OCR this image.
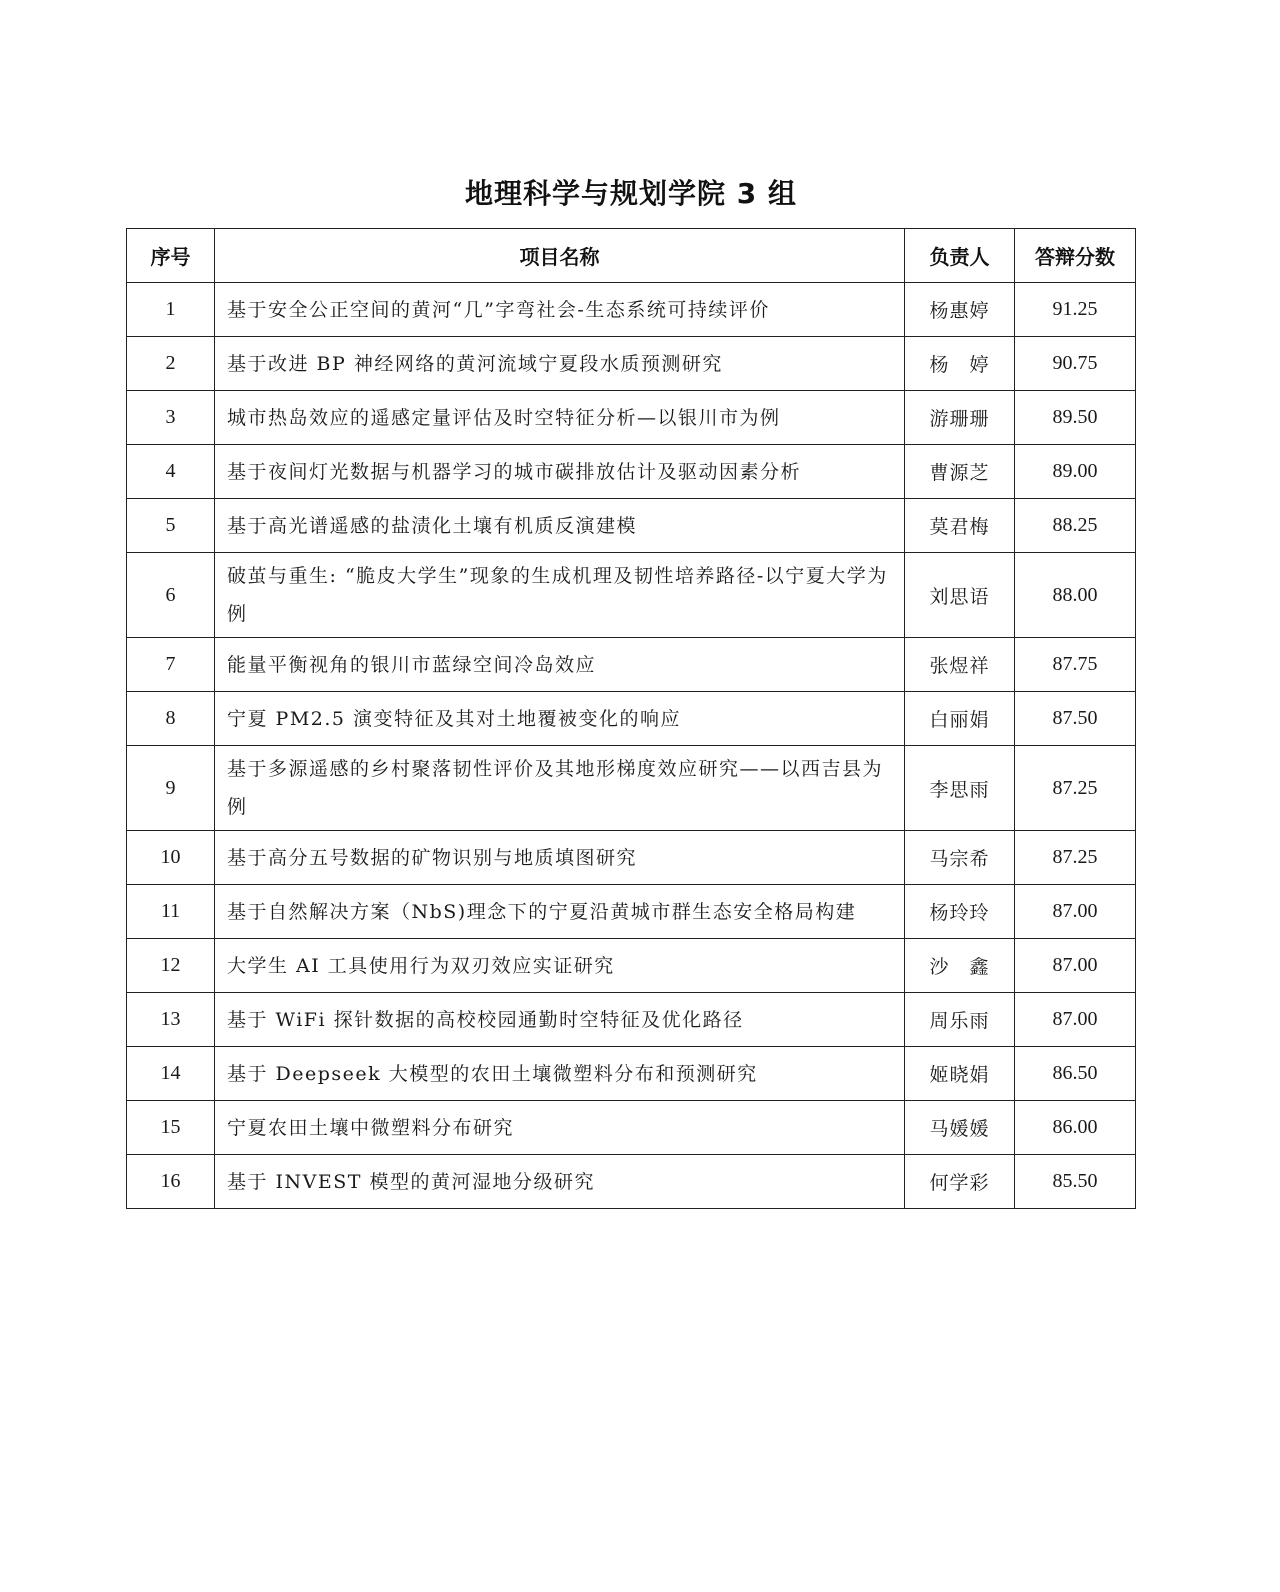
地理科学与规划学院 3 组
序号	项目名称	负责人	答辩分数
1	基于安全公正空间的黄河“几”字弯社会-生态系统可持续评价	杨惠婷	91.25
2	基于改进 BP 神经网络的黄河流域宁夏段水质预测研究	杨　婷	90.75
3	城市热岛效应的遥感定量评估及时空特征分析—以银川市为例	游珊珊	89.50
4	基于夜间灯光数据与机器学习的城市碳排放估计及驱动因素分析	曹源芝	89.00
5	基于高光谱遥感的盐渍化土壤有机质反演建模	莫君梅	88.25
6	破茧与重生: “脆皮大学生”现象的生成机理及韧性培养路径-以宁夏大学为例	刘思语	88.00
7	能量平衡视角的银川市蓝绿空间冷岛效应	张煜祥	87.75
8	宁夏 PM2.5 演变特征及其对土地覆被变化的响应	白丽娟	87.50
9	基于多源遥感的乡村聚落韧性评价及其地形梯度效应研究——以西吉县为例	李思雨	87.25
10	基于高分五号数据的矿物识别与地质填图研究	马宗希	87.25
11	基于自然解决方案（NbS)理念下的宁夏沿黄城市群生态安全格局构建	杨玲玲	87.00
12	大学生 AI 工具使用行为双刃效应实证研究	沙　鑫	87.00
13	基于 WiFi 探针数据的高校校园通勤时空特征及优化路径	周乐雨	87.00
14	基于 Deepseek 大模型的农田土壤微塑料分布和预测研究	姬晓娟	86.50
15	宁夏农田土壤中微塑料分布研究	马媛媛	86.00
16	基于 INVEST 模型的黄河湿地分级研究	何学彩	85.50
